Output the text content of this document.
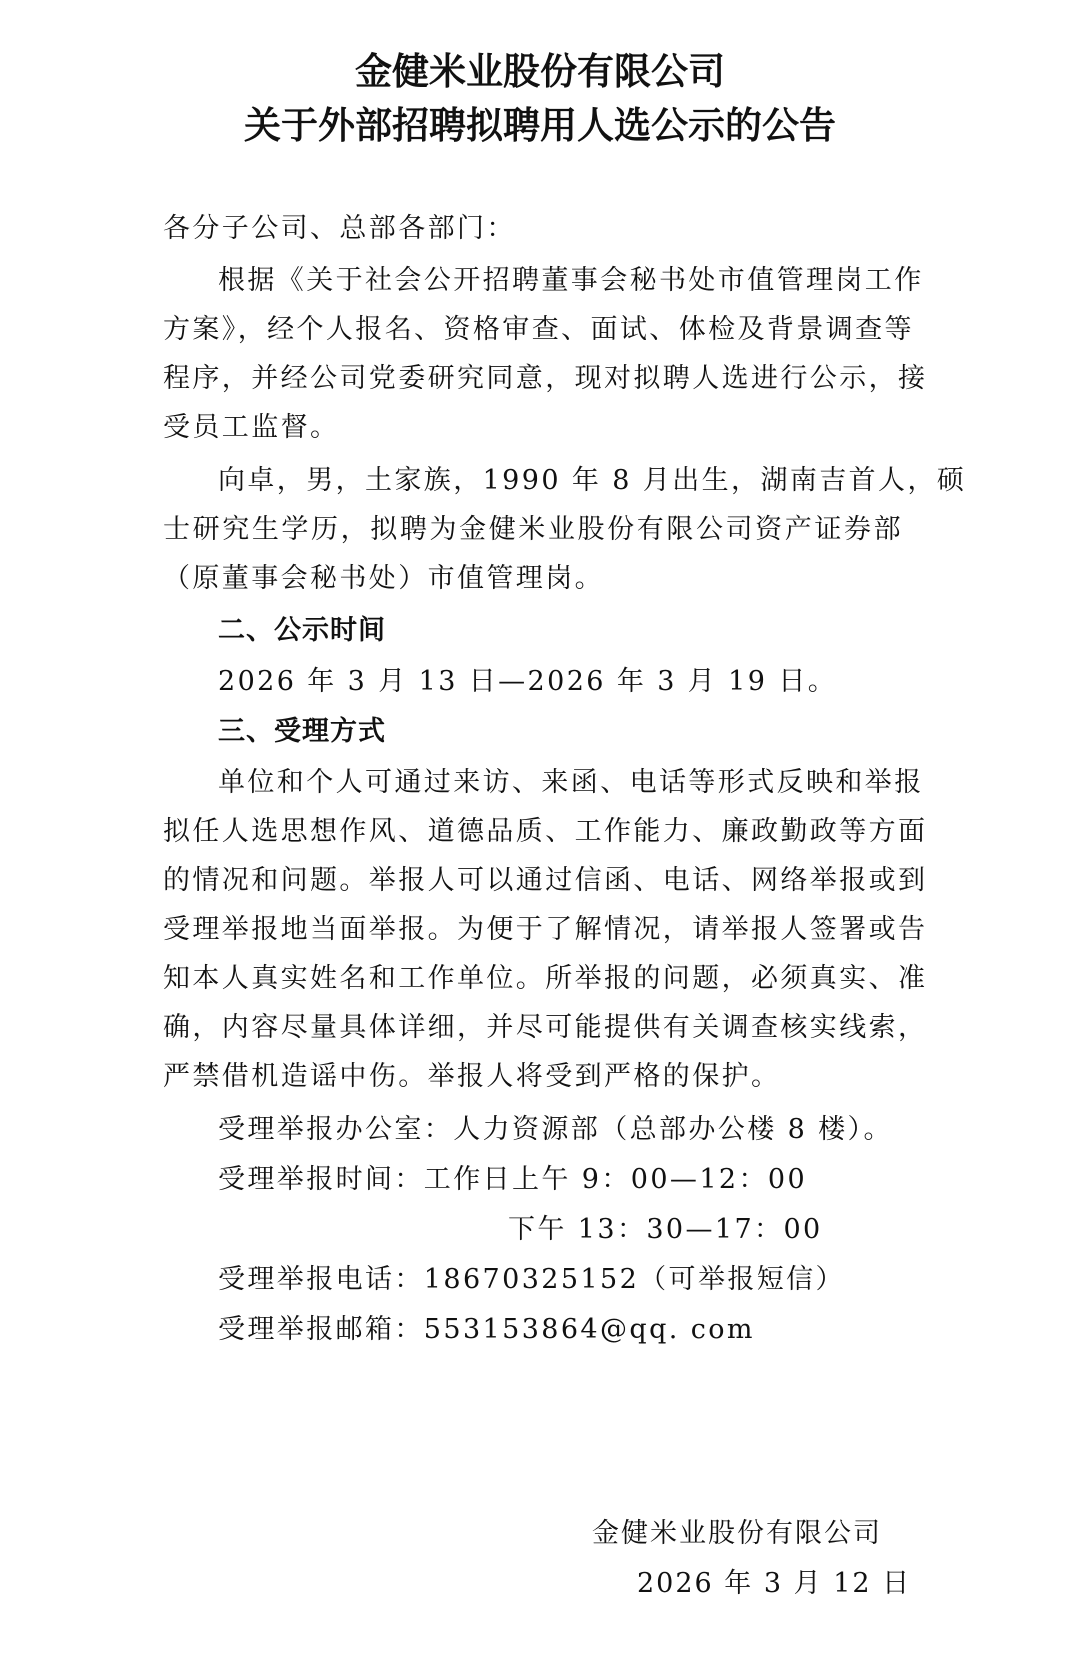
金健米业股份有限公司
关于外部招聘拟聘用人选公示的公告
各分子公司、总部各部门：
根据《关于社会公开招聘董事会秘书处市值管理岗工作
方案》，经个人报名、资格审查、面试、体检及背景调查等
程序，并经公司党委研究同意，现对拟聘人选进行公示，接
受员工监督。
向卓，男，土家族，1990 年 8 月出生，湖南吉首人，硕
士研究生学历，拟聘为金健米业股份有限公司资产证券部
（原董事会秘书处）市值管理岗。
二、公示时间
2026 年 3 月 13 日—2026 年 3 月 19 日。
三、受理方式
单位和个人可通过来访、来函、电话等形式反映和举报
拟任人选思想作风、道德品质、工作能力、廉政勤政等方面
的情况和问题。举报人可以通过信函、电话、网络举报或到
受理举报地当面举报。为便于了解情况，请举报人签署或告
知本人真实姓名和工作单位。所举报的问题，必须真实、准
确，内容尽量具体详细，并尽可能提供有关调查核实线索，
严禁借机造谣中伤。举报人将受到严格的保护。
受理举报办公室：人力资源部（总部办公楼 8 楼）。
受理举报时间：工作日上午 9：00—12：00
下午 13：30—17：00
受理举报电话：18670325152（可举报短信）
受理举报邮箱：553153864@qq. com
金健米业股份有限公司
2026 年 3 月 12 日
